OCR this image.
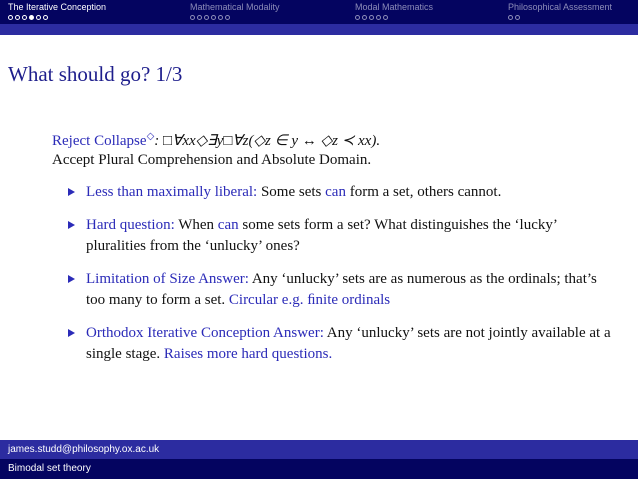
The Iterative Conception	Mathematical Modality	Modal Mathematics	Philosophical Assessment
What should go? 1/3
Reject Collapse◇: □∀xx◇∃y□∀z(◇z ∈ y ↔ ◇z ≺ xx).
Accept Plural Comprehension and Absolute Domain.
Less than maximally liberal: Some sets can form a set, others cannot.
Hard question: When can some sets form a set? What distinguishes the ‘lucky’ pluralities from the ‘unlucky’ ones?
Limitation of Size Answer: Any ‘unlucky’ sets are as numerous as the ordinals; that’s too many to form a set. Circular e.g. ﬁnite ordinals
Orthodox Iterative Conception Answer: Any ‘unlucky’ sets are not jointly available at a single stage. Raises more hard questions.
james.studd@philosophy.ox.ac.uk
Bimodal set theory
